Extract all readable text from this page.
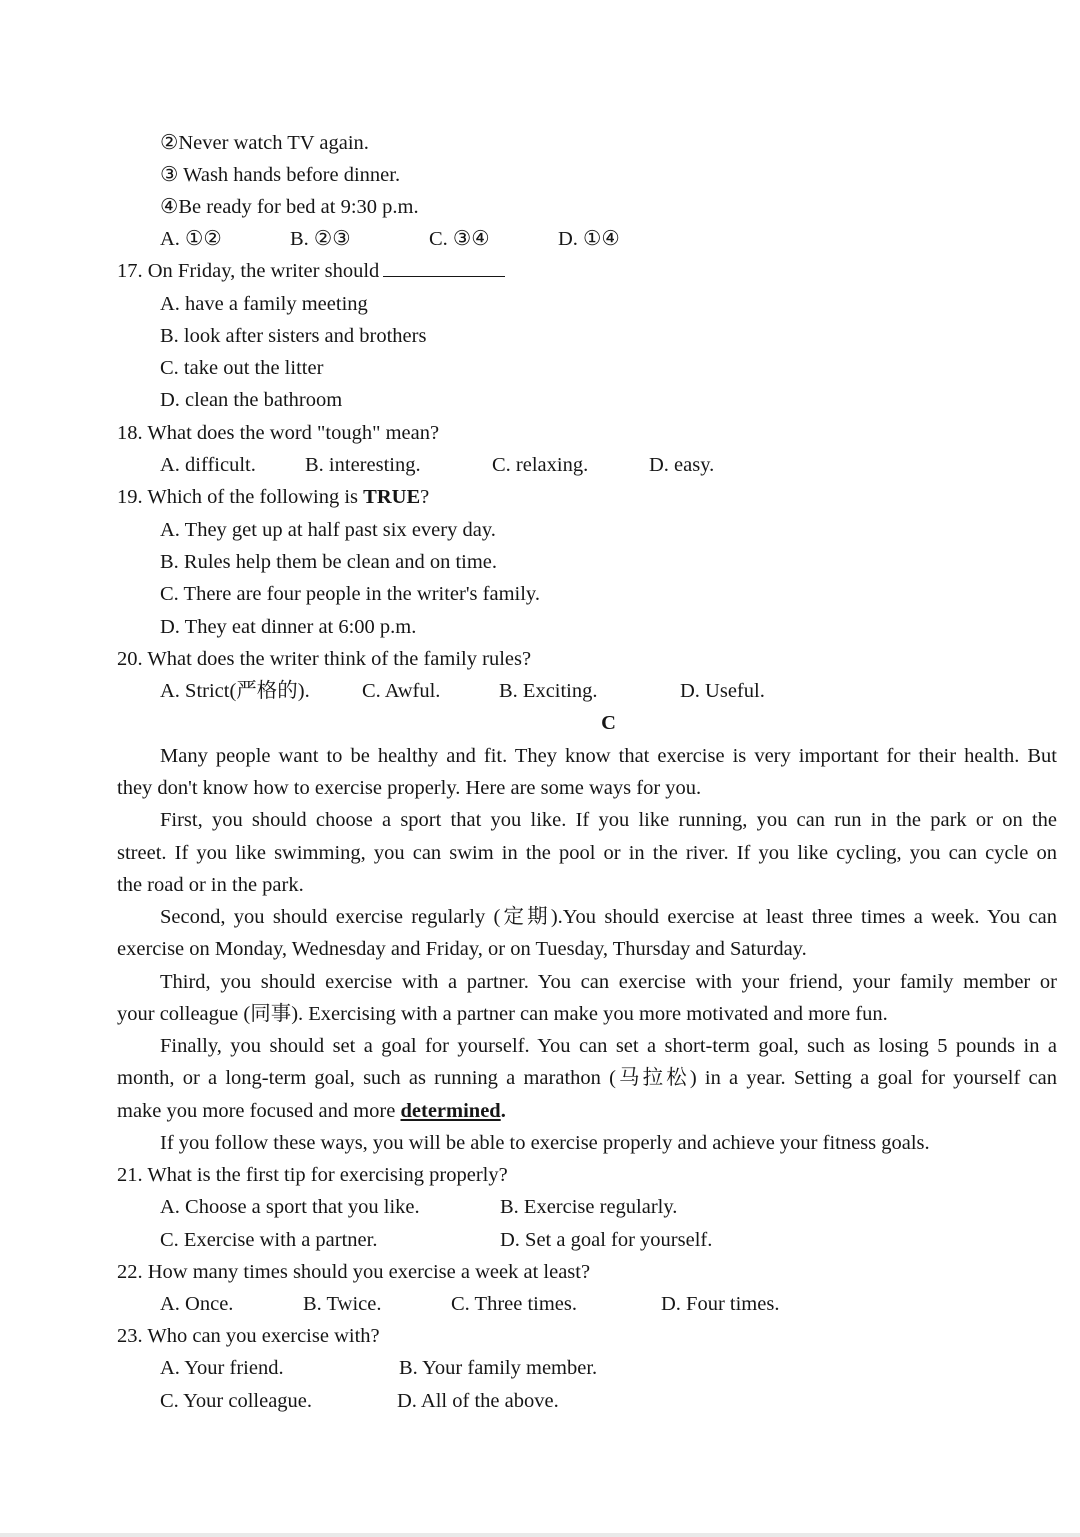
②Never watch TV again.
③ Wash hands before dinner.
④Be ready for bed at 9:30 p.m.
A. ①②	B. ②③	C. ③④	D. ①④
17. On Friday, the writer should
A. have a family meeting
B. look after sisters and brothers
C. take out the litter
D. clean the bathroom
18. What does the word "tough" mean?
A. difficult. B. interesting.	C. relaxing.	D. easy.
19. Which of the following is TRUE?
A. They get up at half past six every day.
B. Rules help them be clean and on time.
C. There are four people in the writer's family.
D. They eat dinner at 6:00 p.m.
20. What does the writer think of the family rules?
A. Strict(严格的).	C. Awful.	B. Exciting.	D. Useful.
C
Many people want to be healthy and fit. They know that exercise is very important for their health. But
they don't know how to exercise properly. Here are some ways for you.
First, you should choose a sport that you like. If you like running, you can run in the park or on the
street. If you like swimming, you can swim in the pool or in the river. If you like cycling, you can cycle on
the road or in the park.
Second, you should exercise regularly (定期).You should exercise at least three times a week. You can
exercise on Monday, Wednesday and Friday, or on Tuesday, Thursday and Saturday.
Third, you should exercise with a partner. You can exercise with your friend, your family member or
your colleague (同事). Exercising with a partner can make you more motivated and more fun.
Finally, you should set a goal for yourself. You can set a short-term goal, such as losing 5 pounds in a
month, or a long-term goal, such as running a marathon (马拉松) in a year. Setting a goal for yourself can
make you more focused and more determined.
If you follow these ways, you will be able to exercise properly and achieve your fitness goals.
21. What is the first tip for exercising properly?
A. Choose a sport that you like.	B. Exercise regularly.
C. Exercise with a partner.	D. Set a goal for yourself.
22. How many times should you exercise a week at least?
A. Once.	B. Twice.	C. Three times.	D. Four times.
23. Who can you exercise with?
A. Your friend.	B. Your family member.
C. Your colleague.	D. All of the above.
